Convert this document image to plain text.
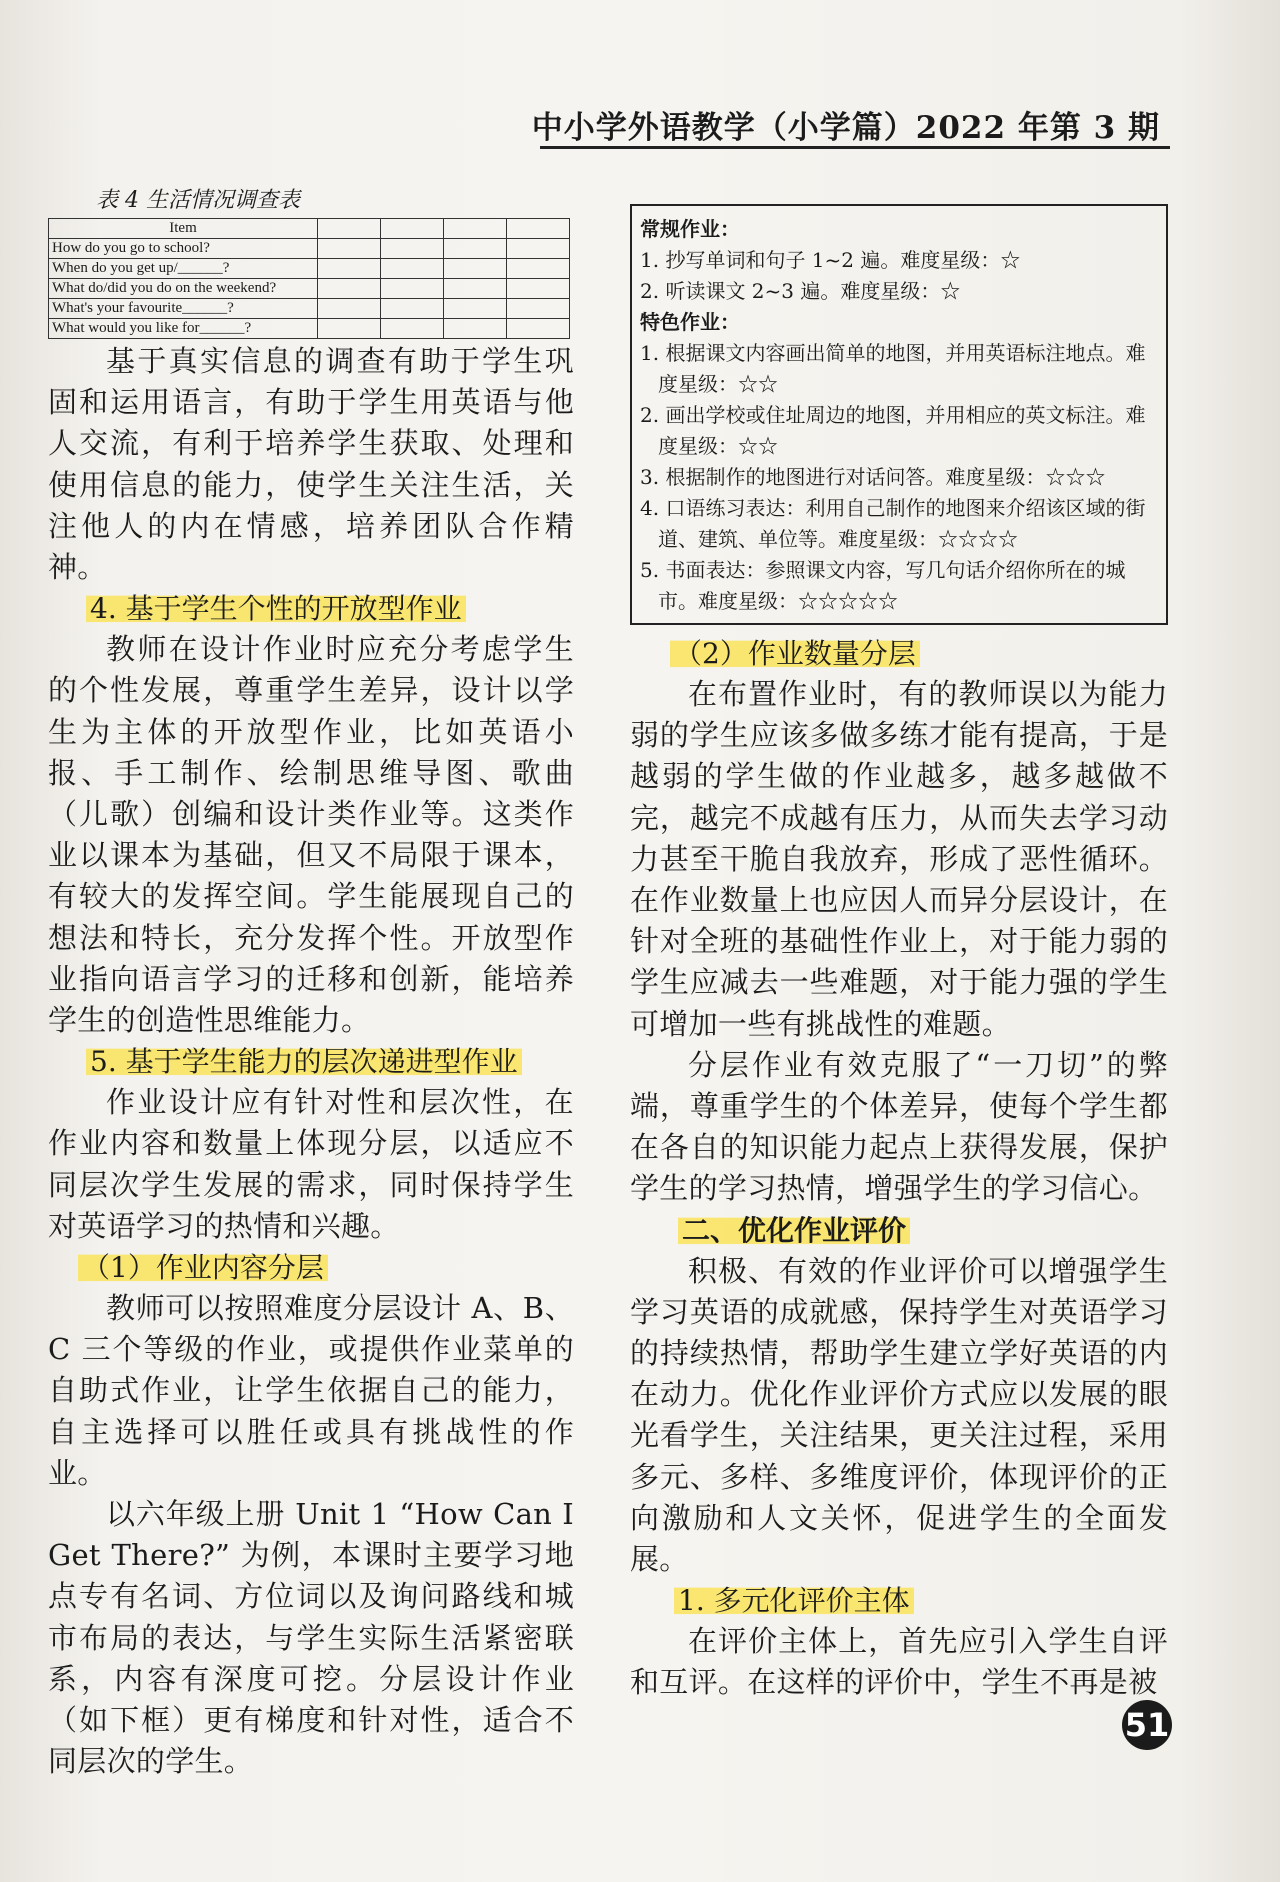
中小学外语教学（小学篇）2022 年第 3 期
表 4 生活情况调查表
Item				
How do you go to school?				
When do you get up/______?				
What do/did you do on the weekend?				
What's your favourite______?				
What would you like for______?				

基于真实信息的调查有助于学生巩固和运用语言，有助于学生用英语与他人交流，有利于培养学生获取、处理和使用信息的能力，使学生关注生活，关注他人的内在情感，培养团队合作精神。

4. 基于学生个性的开放型作业

教师在设计作业时应充分考虑学生的个性发展，尊重学生差异，设计以学生为主体的开放型作业，比如英语小报、手工制作、绘制思维导图、歌曲（儿歌）创编和设计类作业等。这类作业以课本为基础，但又不局限于课本，有较大的发挥空间。学生能展现自己的想法和特长，充分发挥个性。开放型作业指向语言学习的迁移和创新，能培养学生的创造性思维能力。

5. 基于学生能力的层次递进型作业

作业设计应有针对性和层次性，在作业内容和数量上体现分层，以适应不同层次学生发展的需求，同时保持学生对英语学习的热情和兴趣。

（1）作业内容分层

教师可以按照难度分层设计 A、B、C 三个等级的作业，或提供作业菜单的自助式作业，让学生依据自己的能力，自主选择可以胜任或具有挑战性的作业。

以六年级上册 Unit 1 “How Can I Get There?” 为例，本课时主要学习地点专有名词、方位词以及询问路线和城市布局的表达，与学生实际生活紧密联系，内容有深度可挖。分层设计作业（如下框）更有梯度和针对性，适合不同层次的学生。

常规作业：
1. 抄写单词和句子 1~2 遍。难度星级：☆
2. 听读课文 2~3 遍。难度星级：☆
特色作业：
1. 根据课文内容画出简单的地图，并用英语标注地点。难度星级：☆☆
2. 画出学校或住址周边的地图，并用相应的英文标注。难度星级：☆☆
3. 根据制作的地图进行对话问答。难度星级：☆☆☆
4. 口语练习表达：利用自己制作的地图来介绍该区域的街道、建筑、单位等。难度星级：☆☆☆☆
5. 书面表达：参照课文内容，写几句话介绍你所在的城市。难度星级：☆☆☆☆☆
（2）作业数量分层

在布置作业时，有的教师误以为能力弱的学生应该多做多练才能有提高，于是越弱的学生做的作业越多，越多越做不完，越完不成越有压力，从而失去学习动力甚至干脆自我放弃，形成了恶性循环。在作业数量上也应因人而异分层设计，在针对全班的基础性作业上，对于能力弱的学生应减去一些难题，对于能力强的学生可增加一些有挑战性的难题。

分层作业有效克服了“一刀切”的弊端，尊重学生的个体差异，使每个学生都在各自的知识能力起点上获得发展，保护学生的学习热情，增强学生的学习信心。

二、优化作业评价

积极、有效的作业评价可以增强学生学习英语的成就感，保持学生对英语学习的持续热情，帮助学生建立学好英语的内在动力。优化作业评价方式应以发展的眼光看学生，关注结果，更关注过程，采用多元、多样、多维度评价，体现评价的正向激励和人文关怀，促进学生的全面发展。

1. 多元化评价主体

在评价主体上，首先应引入学生自评和互评。在这样的评价中，学生不再是被

51
